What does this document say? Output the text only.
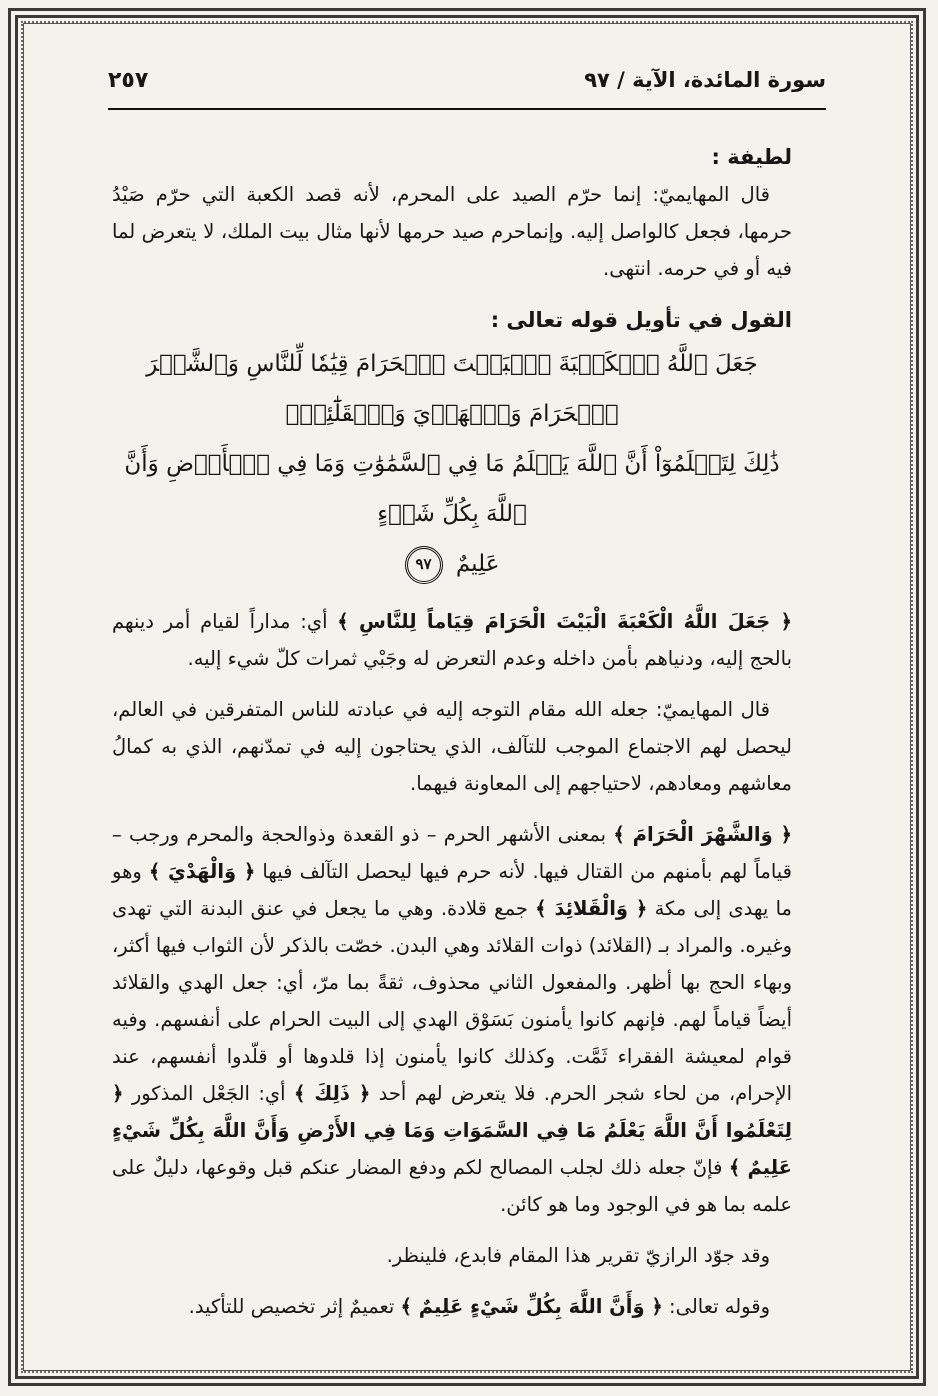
سورة المائدة، الآية / ٩٧
٢٥٧

لطيفة :

قال المهايميّ: إنما حرّم الصيد على المحرم، لأنه قصد الكعبة التي حرّم صَيْدُ حرمها، فجعل كالواصل إليه. وإنماحرم صيد حرمها لأنها مثال بيت الملك، لا يتعرض لما فيه أو في حرمه. انتهى.

القول في تأويل قوله تعالى :

جَعَلَ ٱللَّهُ ٱلۡكَعۡبَةَ ٱلۡبَيۡتَ ٱلۡحَرَامَ قِيَٰمٗا لِّلنَّاسِ وَٱلشَّهۡرَ ٱلۡحَرَامَ وَٱلۡهَدۡيَ وَٱلۡقَلَٰٓئِدَۚ

ذَٰلِكَ لِتَعۡلَمُوٓاْ أَنَّ ٱللَّهَ يَعۡلَمُ مَا فِي ٱلسَّمَٰوَٰتِ وَمَا فِي ٱلۡأَرۡضِ وَأَنَّ ٱللَّهَ بِكُلِّ شَيۡءٍ

عَلِيمٌ ٩٧

﴿ جَعَلَ اللَّهُ الْكَعْبَةَ الْبَيْتَ الْحَرَامَ قِيَاماً لِلنَّاسِ ﴾ أي: مداراً لقيام أمر دينهم بالحج إليه، ودنياهم بأمن داخله وعدم التعرض له وجَبْي ثمرات كلّ شيء إليه.

قال المهايميّ: جعله الله مقام التوجه إليه في عبادته للناس المتفرقين في العالم، ليحصل لهم الاجتماع الموجب للتآلف، الذي يحتاجون إليه في تمدّنهم، الذي به كمالُ معاشهم ومعادهم، لاحتياجهم إلى المعاونة فيهما.

﴿ وَالشَّهْرَ الْحَرَامَ ﴾ بمعنى الأشهر الحرم – ذو القعدة وذوالحجة والمحرم ورجب – قياماً لهم بأمنهم من القتال فيها. لأنه حرم فيها ليحصل التآلف فيها ﴿ وَالْهَدْيَ ﴾ وهو ما يهدى إلى مكة ﴿ وَالْقَلائِدَ ﴾ جمع قلادة. وهي ما يجعل في عنق البدنة التي تهدى وغيره. والمراد بـ (القلائد) ذوات القلائد وهي البدن. خصّت بالذكر لأن الثواب فيها أكثر، وبهاء الحج بها أظهر. والمفعول الثاني محذوف، ثقةً بما مرّ، أي: جعل الهدي والقلائد أيضاً قياماً لهم. فإنهم كانوا يأمنون بَسَوْق الهدي إلى البيت الحرام على أنفسهم. وفيه قوام لمعيشة الفقراء ثَمَّت. وكذلك كانوا يأمنون إذا قلدوها أو قلّدوا أنفسهم، عند الإحرام، من لحاء شجر الحرم. فلا يتعرض لهم أحد ﴿ ذَلِكَ ﴾ أي: الجَعْل المذكور ﴿ لِتَعْلَمُوا أَنَّ اللَّهَ يَعْلَمُ مَا فِي السَّمَوَاتِ وَمَا فِي الأَرْضِ وَأَنَّ اللَّهَ بِكُلِّ شَيْءٍ عَلِيمٌ ﴾ فإنّ جعله ذلك لجلب المصالح لكم ودفع المضار عنكم قبل وقوعها، دليلٌ على علمه بما هو في الوجود وما هو كائن.

وقد جوّد الرازيّ تقرير هذا المقام فابدع، فلينظر.

وقوله تعالى: ﴿ وَأَنَّ اللَّهَ بِكُلِّ شَيْءٍ عَلِيمٌ ﴾ تعميمٌ إثر تخصيص للتأكيد.
